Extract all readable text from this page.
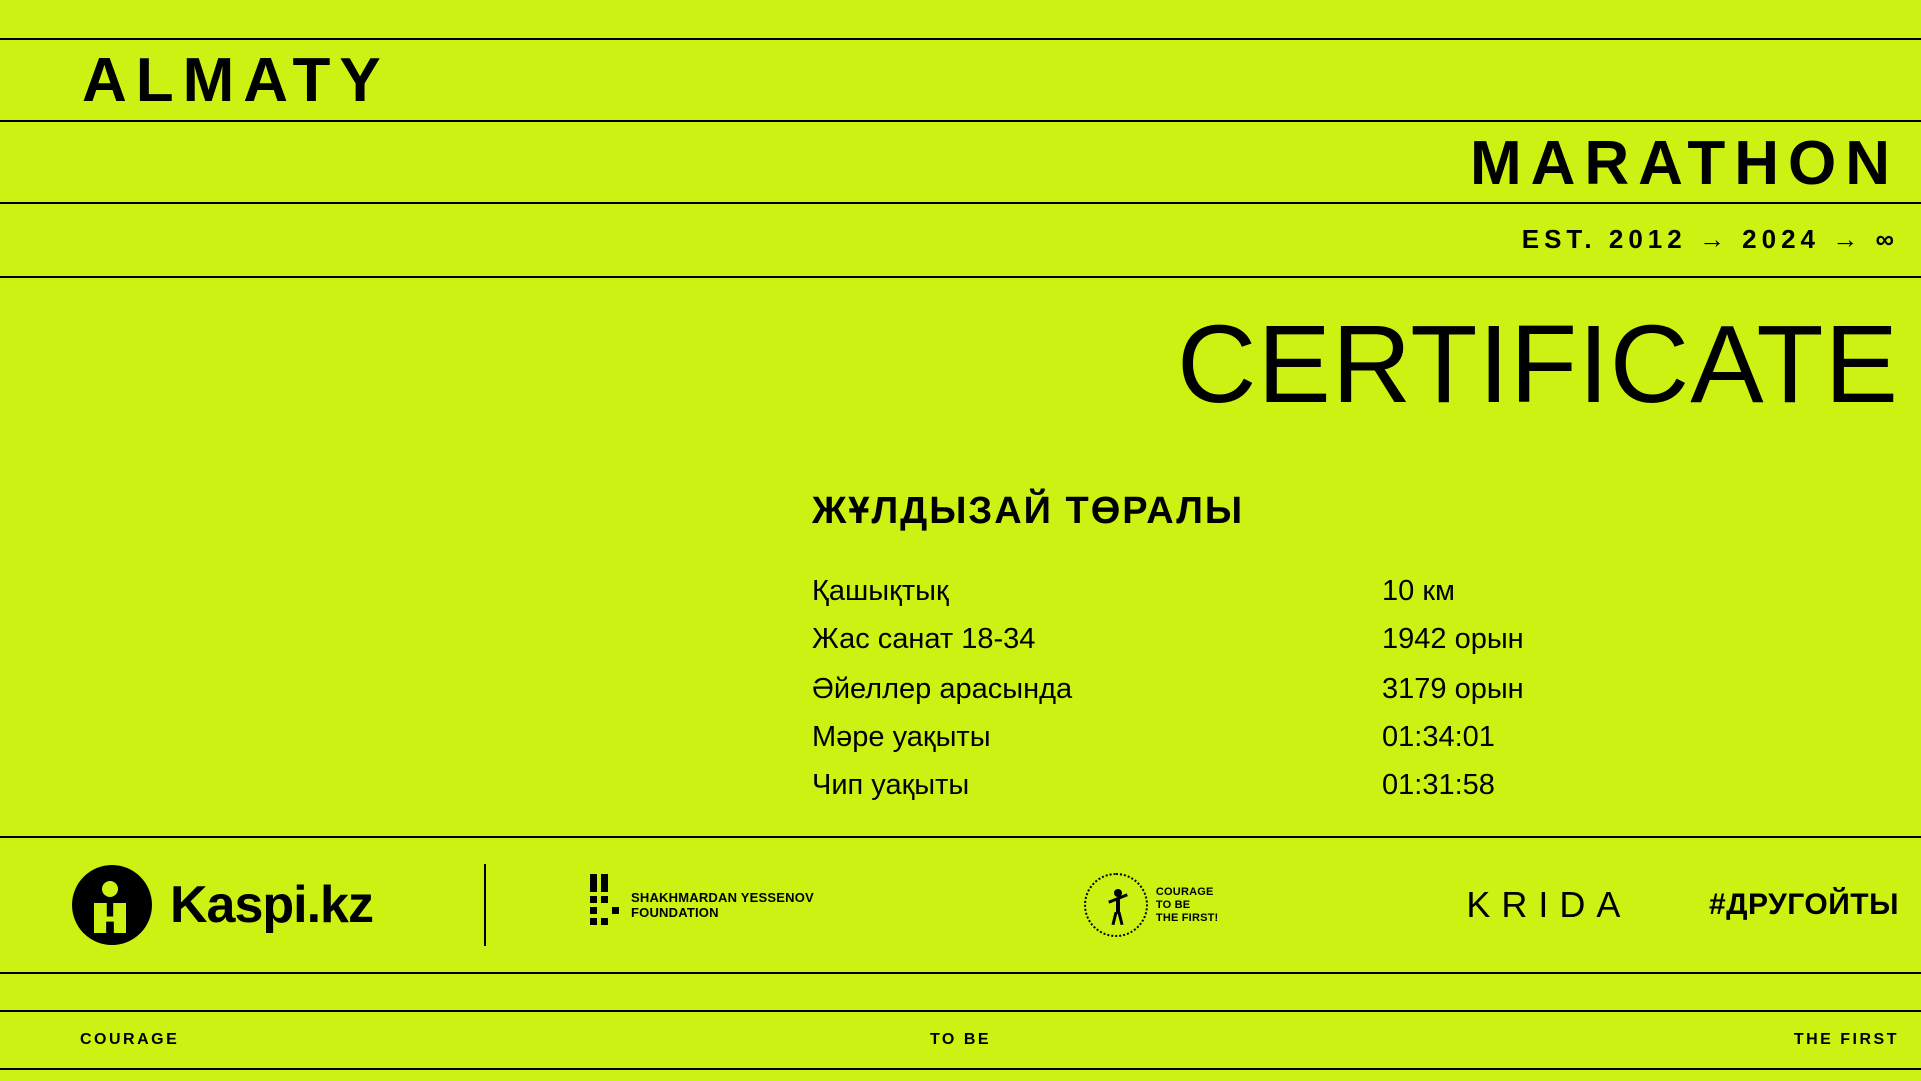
ALMATY
MARATHON
EST. 2012 → 2024 → ∞
CERTIFICATE
ЖҰЛДЫЗАЙ ТӨРАЛЫ
Қашықтық	10 км
Жас санат 18-34	1942 орын
Әйеллер арасында	3179 орын
Мәре уақыты	01:34:01
Чип уақыты	01:31:58
Kaspi.kz	SHAKHMARDAN YESSENOV
FOUNDATION
COURAGE
TO BE
THE FIRST!	KRIDA	#ДРУГОЙТЫ
COURAGE	TO BE	THE FIRST
